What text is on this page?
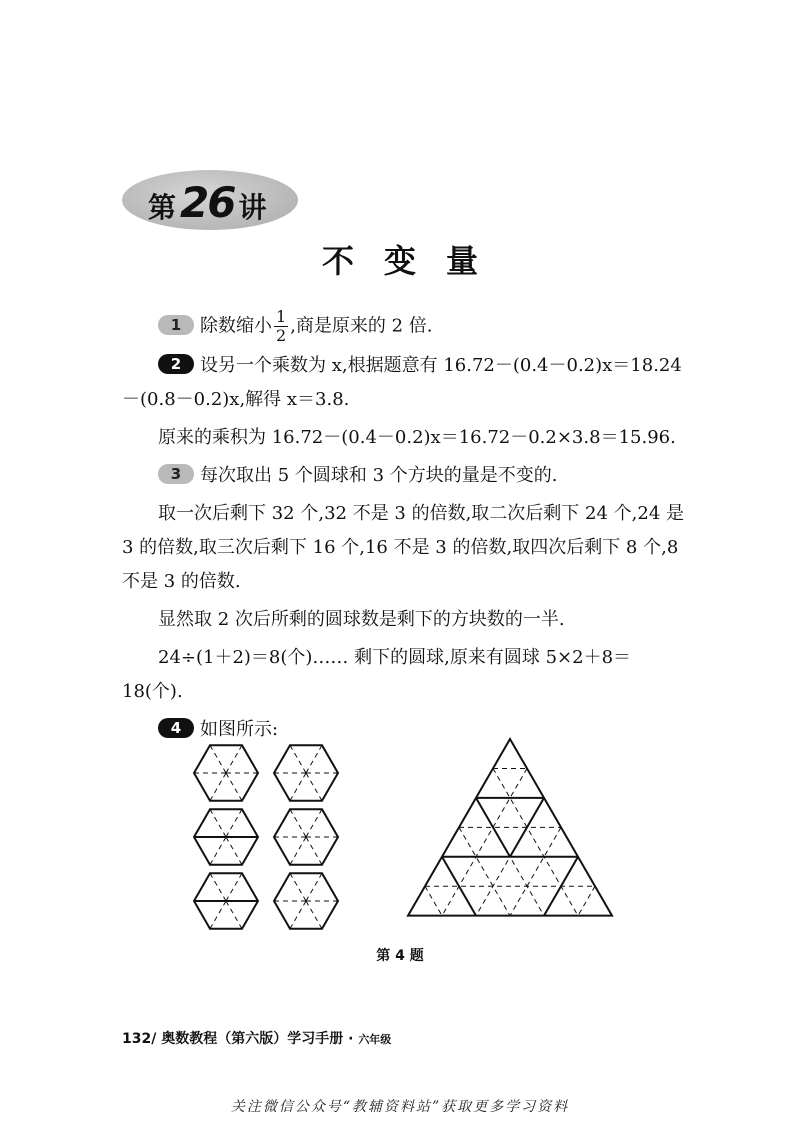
第 26 讲
不变量

1 除数缩小 $\frac{1}{2}$ ,商是原来的 2 倍.

2 设另一个乘数为 x,根据题意有 16.72－(0.4－0.2)x＝18.24－(0.8－0.2)x,解得 x＝3.8.

原来的乘积为 16.72－(0.4－0.2)x＝16.72－0.2×3.8＝15.96.

3 每次取出 5 个圆球和 3 个方块的量是不变的.

取一次后剩下 32 个,32 不是 3 的倍数,取二次后剩下 24 个,24 是 3 的倍数,取三次后剩下 16 个,16 不是 3 的倍数,取四次后剩下 8 个,8 不是 3 的倍数.

显然取 2 次后所剩的圆球数是剩下的方块数的一半.

24÷(1＋2)＝8(个)…… 剩下的圆球,原来有圆球 5×2＋8＝18(个).

4 如图所示:

第 4 题
132/ 奥数教程（第六版）学习手册 · 六年级
关注微信公众号“教辅资料站”获取更多学习资料
